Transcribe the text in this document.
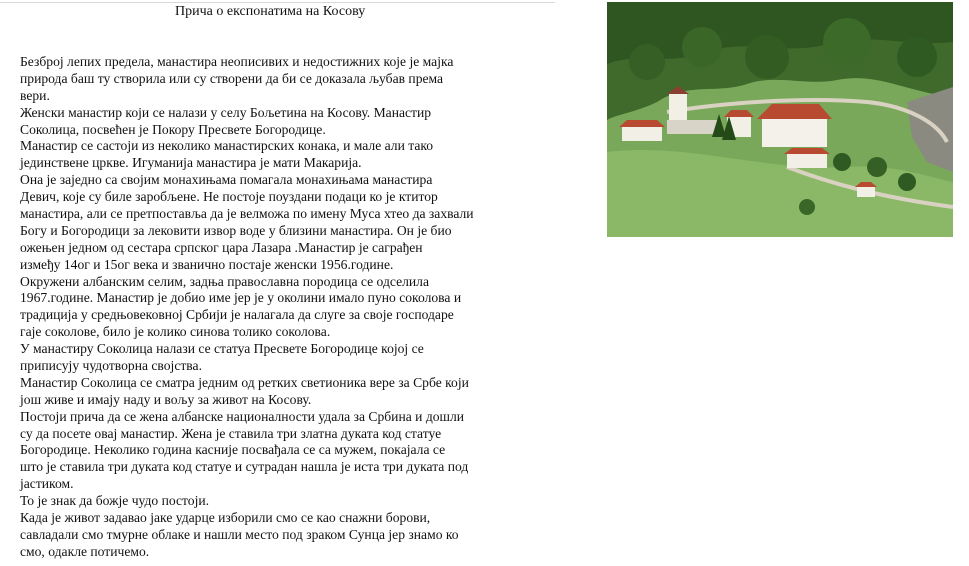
Прича о експонатима на Косову
Безброј лепих предела, манастира неописивих и недостижних које је мајка
природа баш ту створила или су створени да би се доказала љубав према
вери.
Женски манастир који се налази у селу Бољетина на Косову. Манастир
Соколица, посвећен је Покору Пресвете Богородице.
Манастир се састоји из неколико манастирских конака, и мале али тако
јединствене црквe. Игуманија манастира је мати Макарија.
Она је заједно са својим монахињама помагала монахињама манастира
Девич, које су биле заробљене. Не постоје поуздани подаци ко је ктитор
манастира, али се претпоставља да је велможа по имену Муса хтео да захвали
Богу и Богородици за лековити извор воде у близини манастира. Он је био
ожењен једном од сестара српског цара Лазара .Манастир је саграђен
између 14ог и 15ог века и званично постаје женски 1956.године.
Окружени албанским селим, задња православна породица се одселила
1967.године. Манастир је добио име јер је у околини имало пуно соколова и
традиција у средњовековној Србији је налагала да слуге за своје господаре
гаје соколове, било је колико синова толико соколова.
У манастиру Соколица налази се статуа Пресвете Богородице којој се
приписују чудотворна својства.
Манастир Соколица се сматра једним од ретких светионика вере за Србе који
још живе и имају наду и вољу за живот на Косову.
Постоји прича да се жена албанске националности удала за Србина и дошли
су да посете овај манастир. Жена је ставила три златна дуката код статуе
Богородице. Неколико година касније посвађала се са мужем, покајала се
што је ставила три дуката код статуе и сутрадан нашла је иста три дуката под
јастиком.
То је знак да божје чудо постоји.
Када је живот задавао јаке ударце изборили смо се као снажни борови,
савладали смо тмурне облаке и нашли место под зраком Сунца јер знамо ко
смо, одакле потичемо.
